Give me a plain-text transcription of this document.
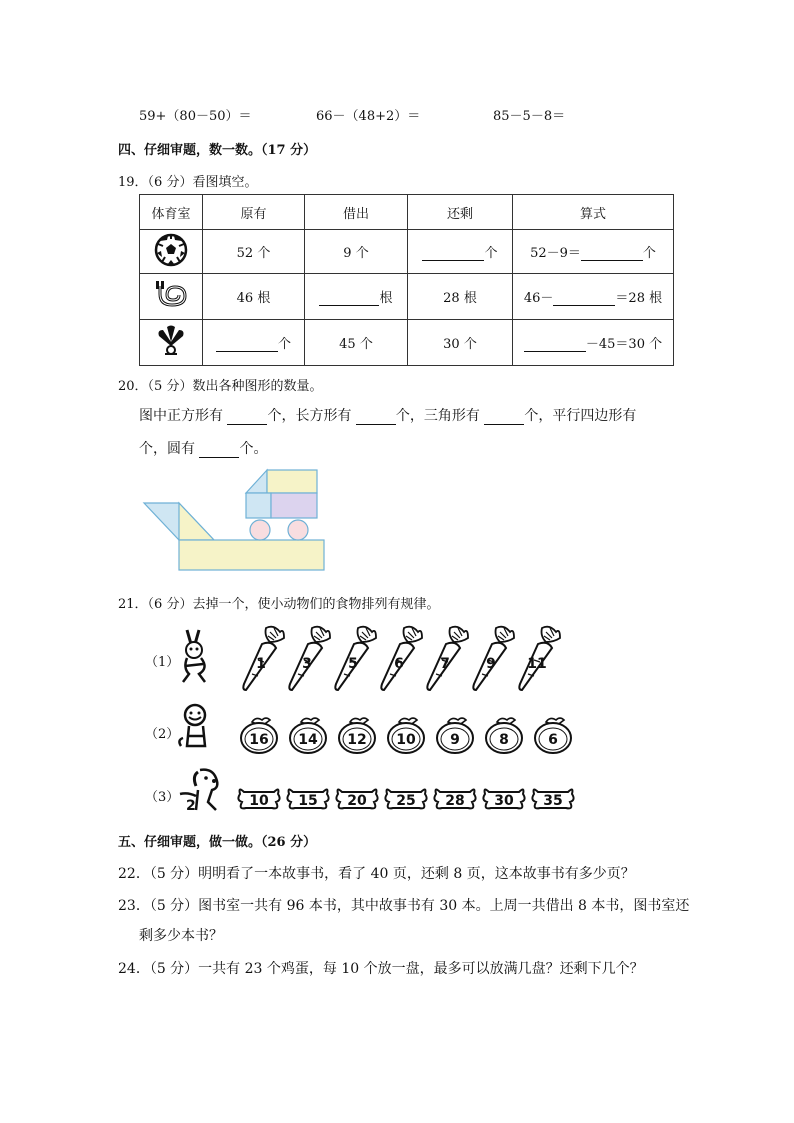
59+（80－50）＝	66－（48+2）＝	85－5－8＝
四、仔细审题，数一数。（17 分）
19．（6 分）看图填空。
体育室	原有	借出	还剩	算式
	52 个	9 个	个	52－9＝ 个
	46 根	根	28 根	46－ ＝28 根
	个	45 个	30 个	－45＝30 个
20．（5 分）数出各种图形的数量。
图中正方形有	个，长方形有	个，三角形有	个，平行四边形有
个，圆有	个。
21．（6 分）去掉一个，使小动物们的食物排列有规律。
（1）	1	3	5	6	7	9 11
（2）	16 14 12 10 9	8	6
（3）
2	10 15 20 25 28 30 35
五、仔细审题，做一做。（26 分）
22．（5 分）明明看了一本故事书，看了 40 页，还剩 8 页，这本故事书有多少页？
23．（5 分）图书室一共有 96 本书，其中故事书有 30 本。上周一共借出 8 本书，图书室还
剩多少本书？
24．（5 分）一共有 23 个鸡蛋，每 10 个放一盘，最多可以放满几盘？还剩下几个？
